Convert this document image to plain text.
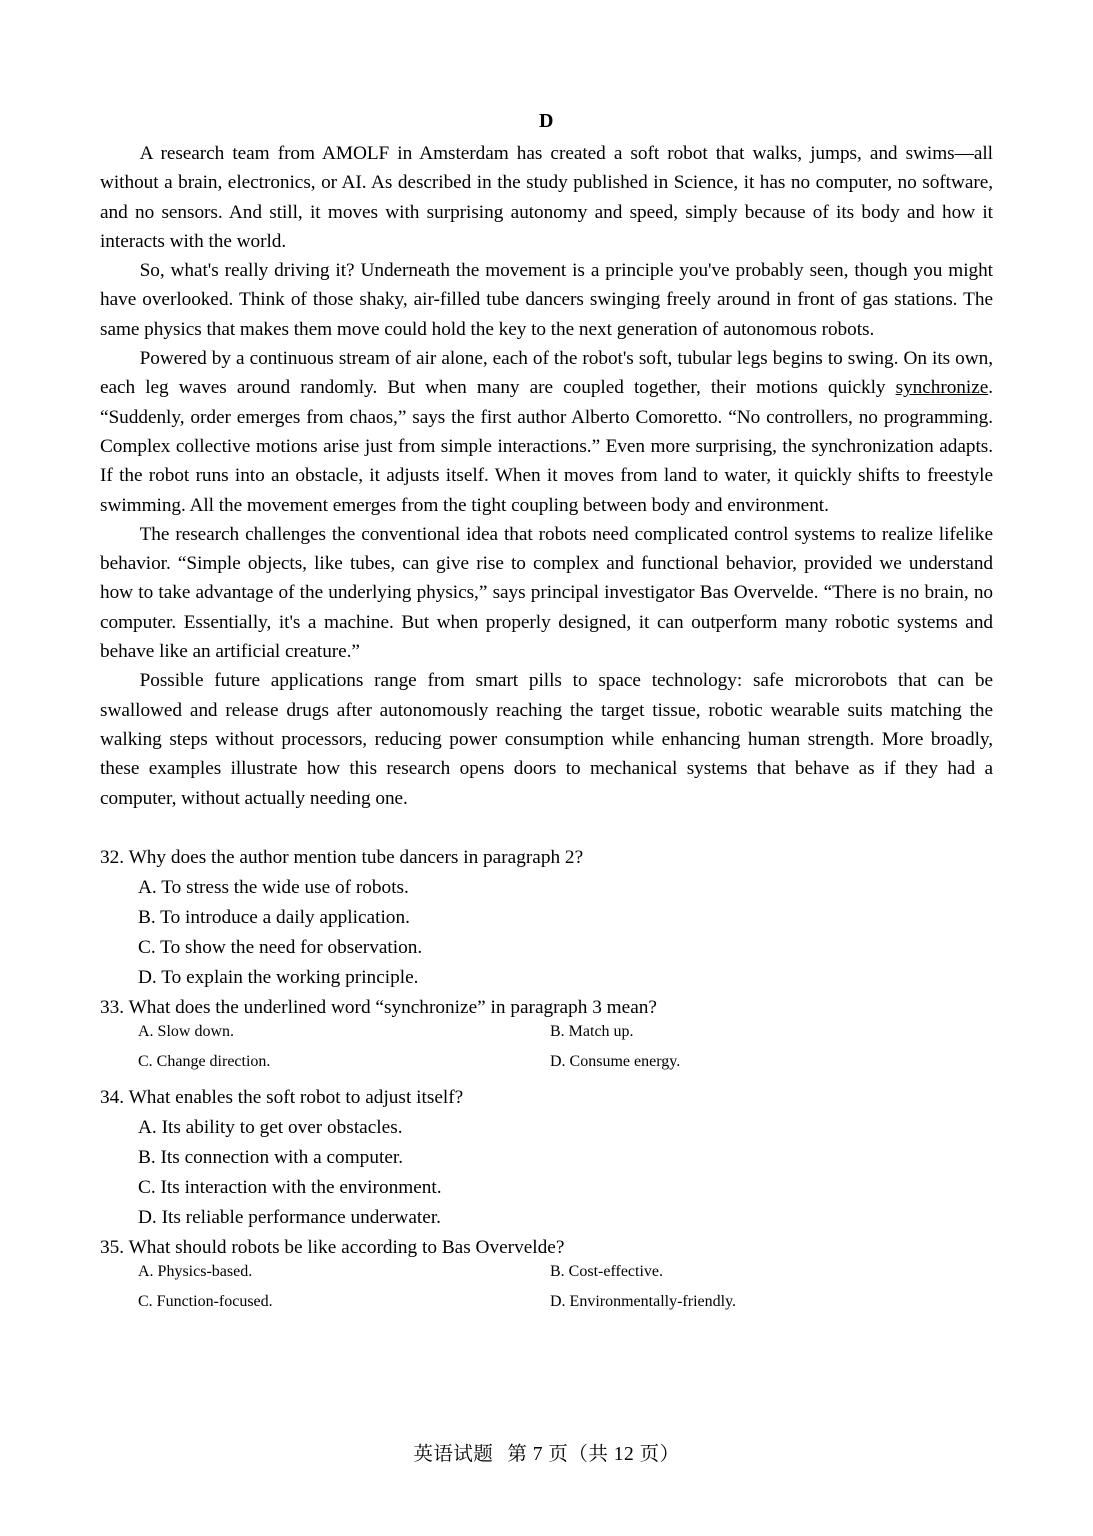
D

A research team from AMOLF in Amsterdam has created a soft robot that walks, jumps, and swims—all without a brain, electronics, or AI. As described in the study published in Science, it has no computer, no software, and no sensors. And still, it moves with surprising autonomy and speed, simply because of its body and how it interacts with the world.

So, what's really driving it? Underneath the movement is a principle you've probably seen, though you might have overlooked. Think of those shaky, air-filled tube dancers swinging freely around in front of gas stations. The same physics that makes them move could hold the key to the next generation of autonomous robots.

Powered by a continuous stream of air alone, each of the robot's soft, tubular legs begins to swing. On its own, each leg waves around randomly. But when many are coupled together, their motions quickly synchronize. “Suddenly, order emerges from chaos,” says the first author Alberto Comoretto. “No controllers, no programming. Complex collective motions arise just from simple interactions.” Even more surprising, the synchronization adapts. If the robot runs into an obstacle, it adjusts itself. When it moves from land to water, it quickly shifts to freestyle swimming. All the movement emerges from the tight coupling between body and environment.

The research challenges the conventional idea that robots need complicated control systems to realize lifelike behavior. “Simple objects, like tubes, can give rise to complex and functional behavior, provided we understand how to take advantage of the underlying physics,” says principal investigator Bas Overvelde. “There is no brain, no computer. Essentially, it's a machine. But when properly designed, it can outperform many robotic systems and behave like an artificial creature.”

Possible future applications range from smart pills to space technology: safe microrobots that can be swallowed and release drugs after autonomously reaching the target tissue, robotic wearable suits matching the walking steps without processors, reducing power consumption while enhancing human strength. More broadly, these examples illustrate how this research opens doors to mechanical systems that behave as if they had a computer, without actually needing one.

32. Why does the author mention tube dancers in paragraph 2?

A. To stress the wide use of robots.

B. To introduce a daily application.

C. To show the need for observation.

D. To explain the working principle.

33. What does the underlined word “synchronize” in paragraph 3 mean?

A. Slow down.	B. Match up.
C. Change direction.	D. Consume energy.

34. What enables the soft robot to adjust itself?

A. Its ability to get over obstacles.

B. Its connection with a computer.

C. Its interaction with the environment.

D. Its reliable performance underwater.

35. What should robots be like according to Bas Overvelde?

A. Physics-based.	B. Cost-effective.
C. Function-focused.	D. Environmentally-friendly.
英语试题 第 7 页（共 12 页）
